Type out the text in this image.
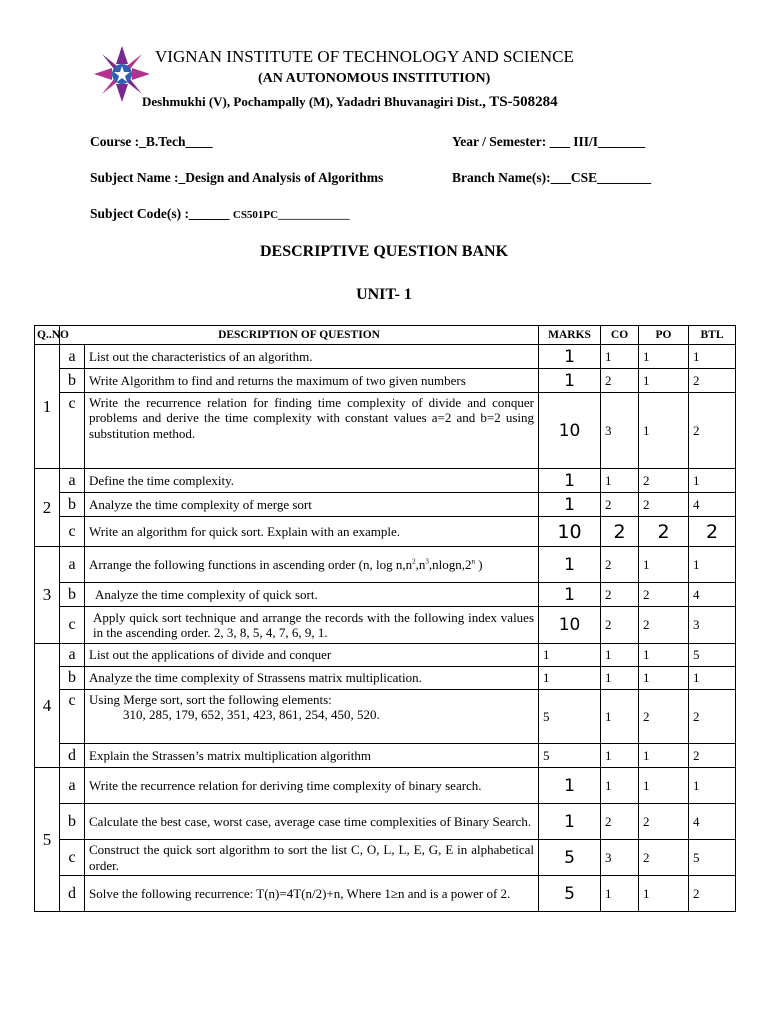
VIGNAN INSTITUTE OF TECHNOLOGY AND SCIENCE
(AN AUTONOMOUS INSTITUTION)
Deshmukhi (V), Pochampally (M), Yadadri Bhuvanagiri Dist., TS-508284
Course :_B.Tech____	Year / Semester: ___ III/I_______
Subject Name :_Design and Analysis of Algorithms	Branch Name(s):___CSE________
Subject Code(s) :______ CS501PC_____________
DESCRIPTIVE QUESTION BANK
UNIT- 1
Q..NO	DESCRIPTION OF QUESTION		MARKS	CO	PO	BTL
1	a	List out the characteristics of an algorithm.	1	1	1	1
	b	Write Algorithm to find and returns the maximum of two given numbers	1	2	1	2
	c	Write the recurrence relation for finding time complexity of divide and conquer problems and derive the time complexity with constant values a=2 and b=2 using substitution method.	10	3	1	2
2	a	Define the time complexity.	1	1	2	1
	b	Analyze the time complexity of merge sort	1	2	2	4
	c	Write an algorithm for quick sort. Explain with an example.	10	2	2	2
3	a	Arrange the following functions in ascending order (n, $\log n,n^2,n^3,nlogn,2^n$ )	1	2	1	1
	b	Analyze the time complexity of quick sort.	1	2	2	4
	c	Apply quick sort technique and arrange the records with the following index values in the ascending order. 2, 3, 8, 5, 4, 7, 6, 9, 1.	10	2	2	3
4	a	List out the applications of divide and conquer	1	1	1	5
	b	Analyze the time complexity of Strassens matrix multiplication.	1	1	1	1
	c	Using Merge sort, sort the following elements:
310, 285, 179, 652, 351, 423, 861, 254, 450, 520.	5	1	2	2
	d	Explain the Strassen’s matrix multiplication algorithm	5	1	1	2
5	a	Write the recurrence relation for deriving time complexity of binary search.	1	1	1	1
	b	Calculate the best case, worst case, average case time complexities of Binary Search.	1	2	2	4
	c	Construct the quick sort algorithm to sort the list C, O, L, L, E, G, E in alphabetical order.	5	3	2	5
	d	Solve the following recurrence: T(n)=4T(n/2)+n, Where 1≥n and is a power of 2.	5	1	1	2
